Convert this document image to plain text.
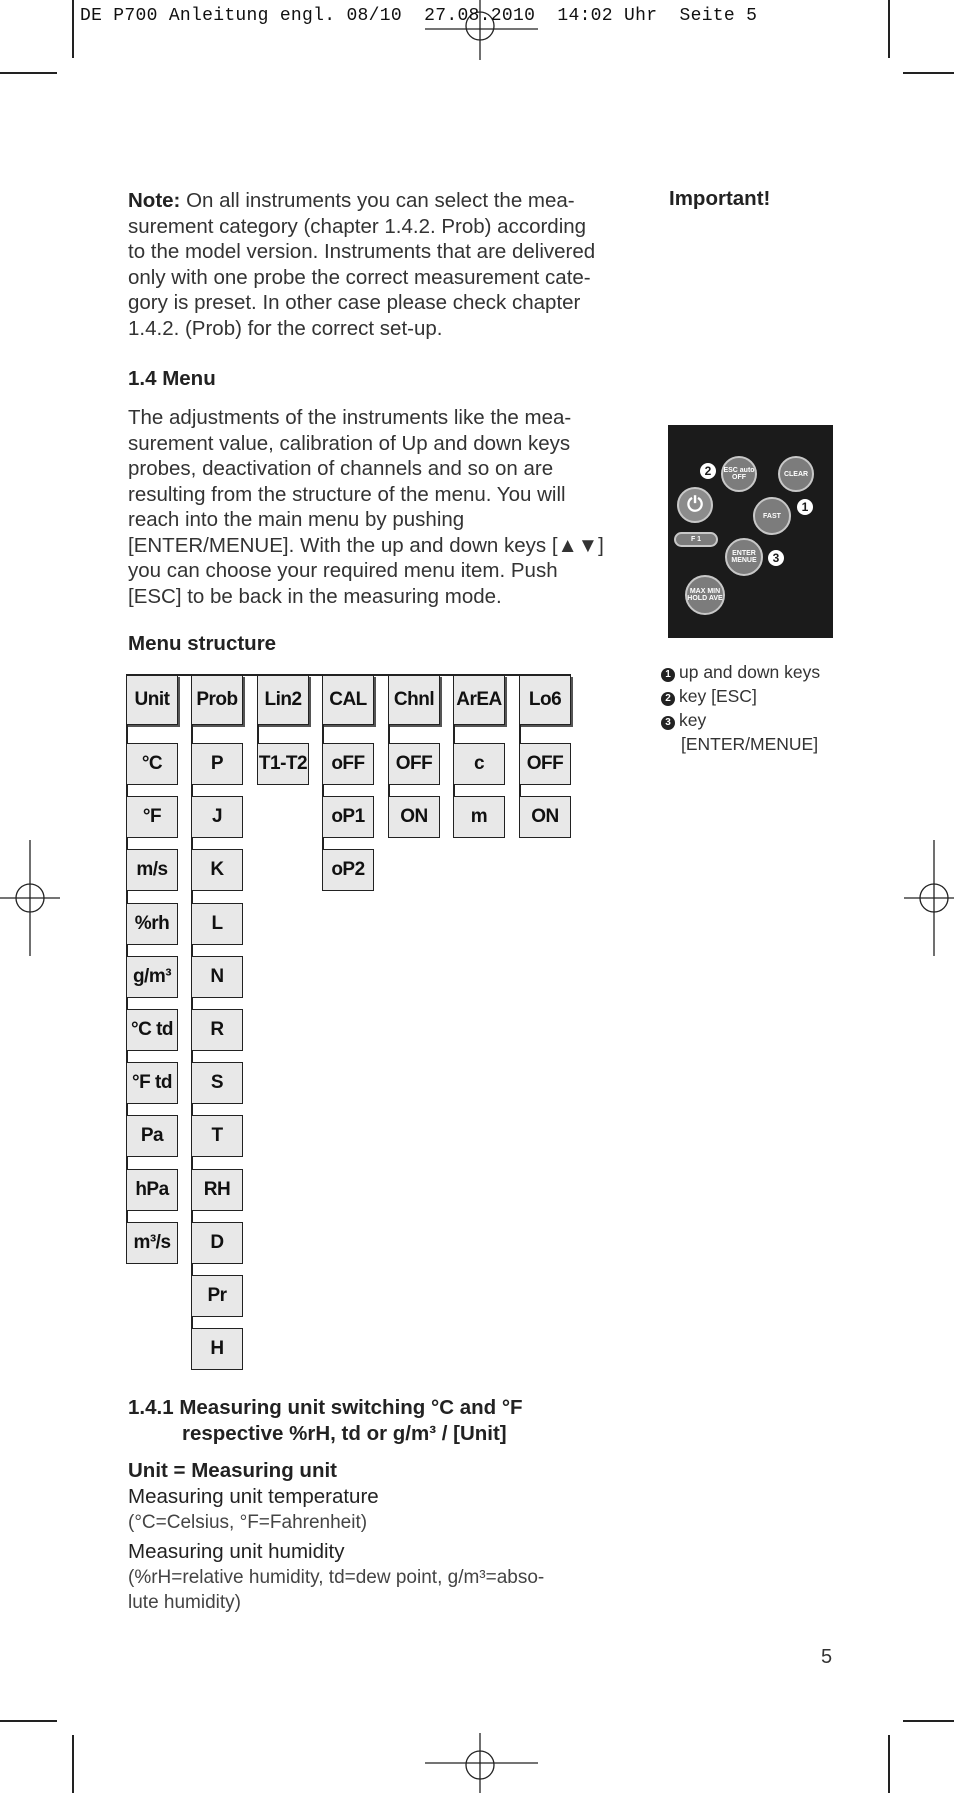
DE P700 Anleitung engl. 08/10  27.08.2010  14:02 Uhr  Seite 5
Note: On all instruments you can select the mea-
surement category (chapter 1.4.2. Prob) according
to the model version. Instruments that are delivered
only with one probe the correct measurement cate-
gory is preset. In other case please check chapter
1.4.2. (Prob) for the correct set-up.
Important!
1.4 Menu
The adjustments of the instruments like the mea-
surement value, calibration of Up and down keys
probes, deactivation of channels and so on are
resulting from the structure of the menu. You will
reach into the main menu by pushing
[ENTER/MENUE]. With the up and down keys [▲▼]
you can choose your required menu item. Push
[ESC] to be back in the measuring mode.
Menu structure
Unit
°C
°F
m/s
%rh
g/m³
°C td
°F td
Pa
hPa
m³/s
Prob
P
J
K
L
N
R
S
T
RH
D
Pr
H
Lin2
T1-T2
CAL
oFF
oP1
oP2
Chnl
OFF
ON
ArEA
c
m
Lo6
OFF
ON
ESC auto OFF	CLEAR
⏻
FAST
F 1
ENTER MENUE
MAX MIN HOLD AVE
2
1
3
1 up and down keys
2 key [ESC]
3 key
[ENTER/MENUE]
1.4.1 Measuring unit switching °C and °F
respective %rH, td or g/m³ / [Unit]
Unit = Measuring unit
Measuring unit temperature
(°C=Celsius, °F=Fahrenheit)
Measuring unit humidity
(%rH=relative humidity, td=dew point, g/m³=abso-
lute humidity)
5
